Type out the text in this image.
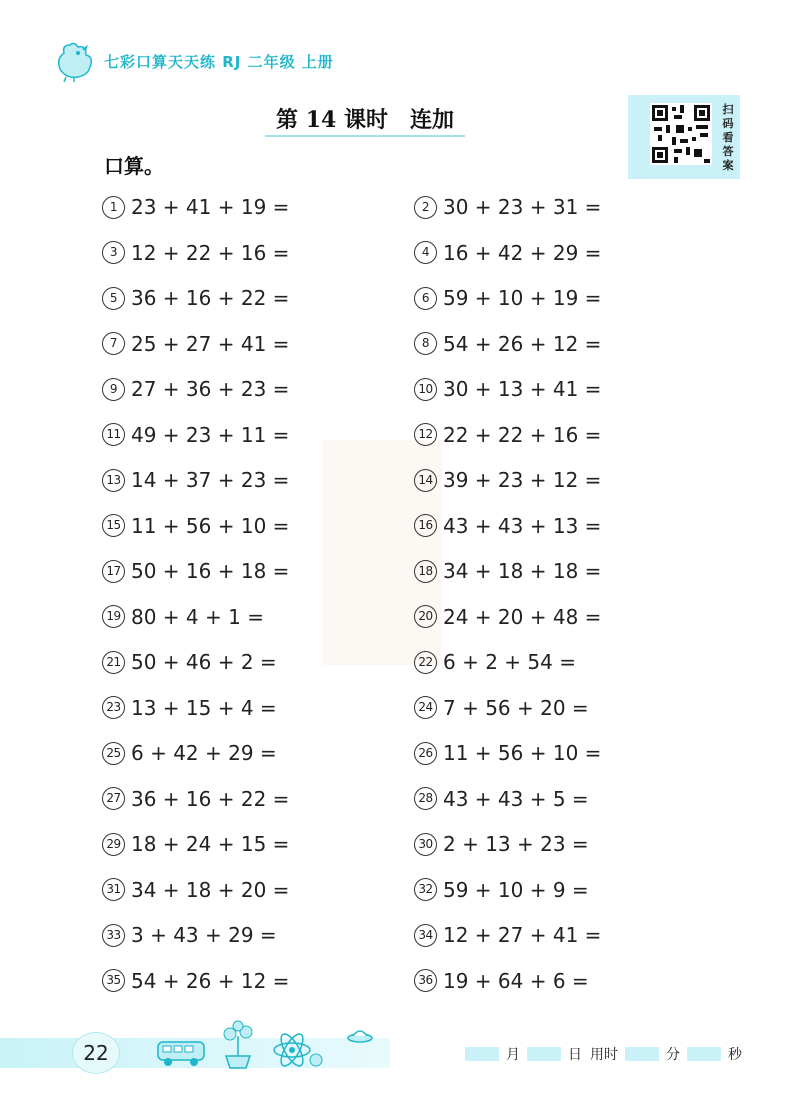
七彩口算天天练 RJ 二年级 上册
扫码看答案
第 14 课时　连加
口算。
1 23 + 41 + 19 =	2 30 + 23 + 31 =
3 12 + 22 + 16 =	4 16 + 42 + 29 =
5 36 + 16 + 22 =	6 59 + 10 + 19 =
7 25 + 27 + 41 =	8 54 + 26 + 12 =
9 27 + 36 + 23 =	10 30 + 13 + 41 =
11 49 + 23 + 11 =	12 22 + 22 + 16 =
13 14 + 37 + 23 =	14 39 + 23 + 12 =
15 11 + 56 + 10 =	16 43 + 43 + 13 =
17 50 + 16 + 18 =	18 34 + 18 + 18 =
19 80 + 4 + 1 =	20 24 + 20 + 48 =
21 50 + 46 + 2 =	22 6 + 2 + 54 =
23 13 + 15 + 4 =	24 7 + 56 + 20 =
25 6 + 42 + 29 =	26 11 + 56 + 10 =
27 36 + 16 + 22 =	28 43 + 43 + 5 =
29 18 + 24 + 15 =	30 2 + 13 + 23 =
31 34 + 18 + 20 =	32 59 + 10 + 9 =
33 3 + 43 + 29 =	34 12 + 27 + 41 =
35 54 + 26 + 12 =	36 19 + 64 + 6 =
22	月	日 用时	分	秒
